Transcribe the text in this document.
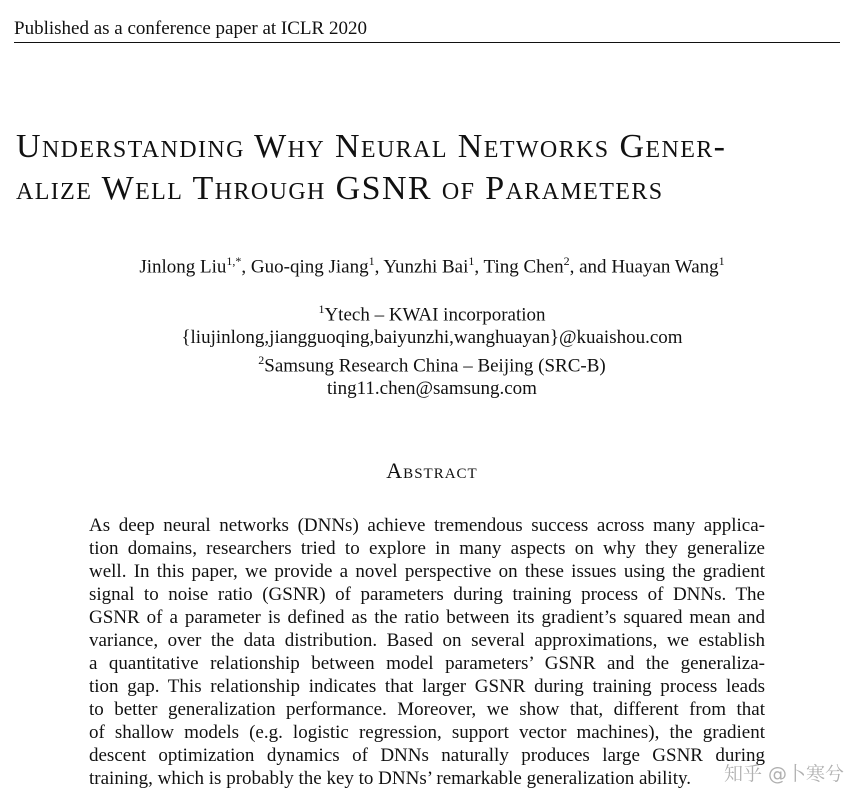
Published as a conference paper at ICLR 2020
Understanding Why Neural Networks Gener-
alize Well Through GSNR of Parameters
Jinlong Liu$^{1,*}$, Guo-qing Jiang$^1$, Yunzhi Bai$^1$, Ting Chen$^2$, and Huayan Wang$^1$
$^1$Ytech – KWAI incorporation
{liujinlong,jiangguoqing,baiyunzhi,wanghuayan}@kuaishou.com
$^2$Samsung Research China – Beijing (SRC-B)
ting11.chen@samsung.com
Abstract
As deep neural networks (DNNs) achieve tremendous success across many applica-
tion domains, researchers tried to explore in many aspects on why they generalize
well. In this paper, we provide a novel perspective on these issues using the gradient
signal to noise ratio (GSNR) of parameters during training process of DNNs. The
GSNR of a parameter is defined as the ratio between its gradient’s squared mean and
variance, over the data distribution. Based on several approximations, we establish
a quantitative relationship between model parameters’ GSNR and the generaliza-
tion gap. This relationship indicates that larger GSNR during training process leads
to better generalization performance. Moreover, we show that, different from that
of shallow models (e.g. logistic regression, support vector machines), the gradient
descent optimization dynamics of DNNs naturally produces large GSNR during
training, which is probably the key to DNNs’ remarkable generalization ability.	知乎 @卜寒兮
